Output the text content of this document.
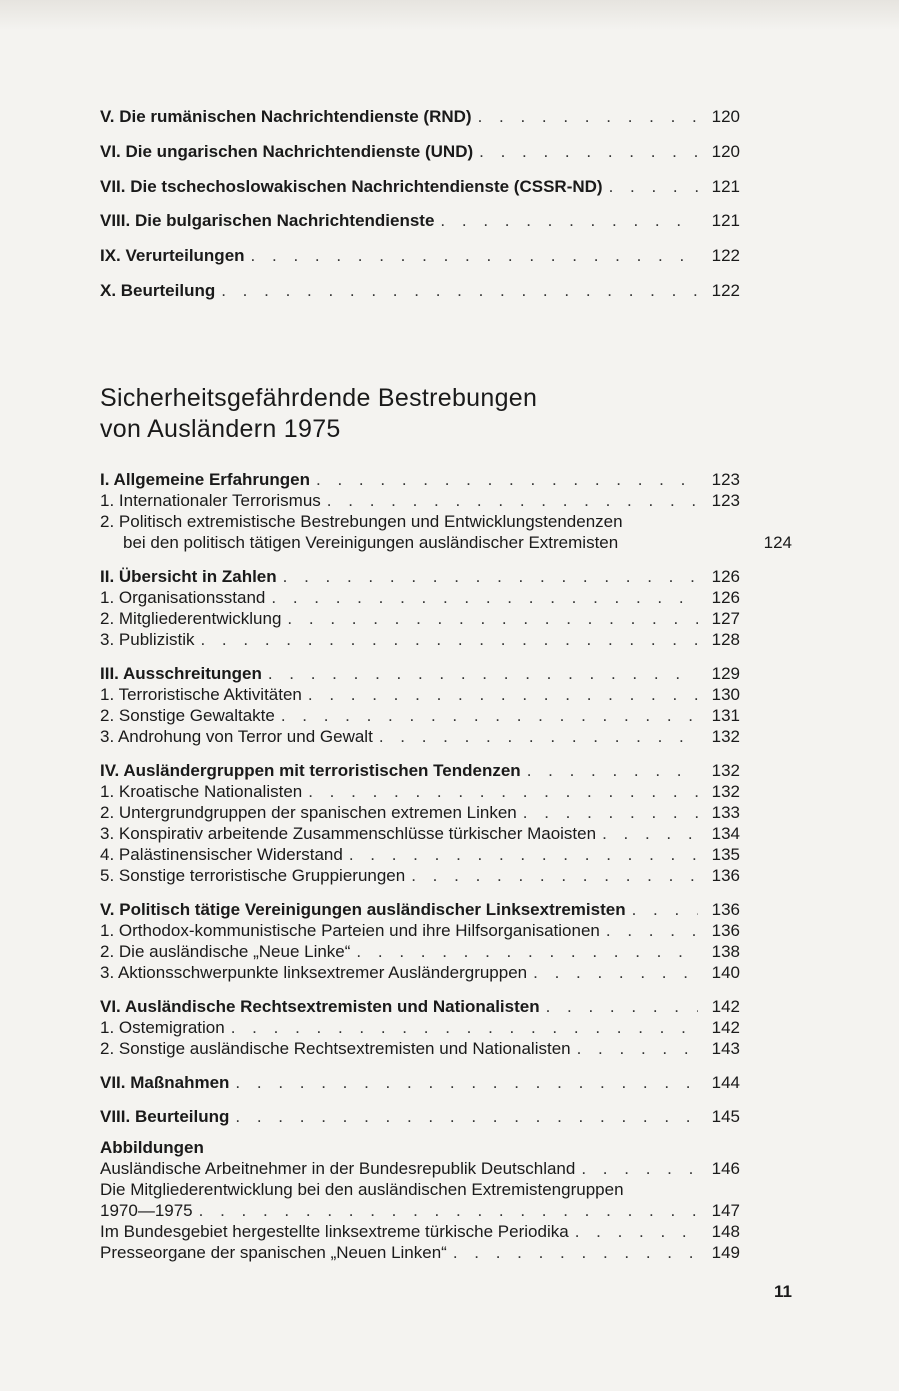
V. Die rumänischen Nachrichtendienste (RND) . . .	120
VI. Die ungarischen Nachrichtendienste (UND) . . .	120
VII. Die tschechoslowakischen Nachrichtendienste (CSSR-ND) . . .	121
VIII. Die bulgarischen Nachrichtendienste . . .	121
IX. Verurteilungen . . .	122
X. Beurteilung . . .	122
Sicherheitsgefährdende Bestrebungen
von Ausländern 1975
I. Allgemeine Erfahrungen . . .	123
1. Internationaler Terrorismus . . .	123
2. Politisch extremistische Bestrebungen und Entwicklungstendenzen
bei den politisch tätigen Vereinigungen ausländischer Extremisten	124
II. Übersicht in Zahlen . . .	126
1. Organisationsstand . . .	126
2. Mitgliederentwicklung . . .	127
3. Publizistik . . .	128
III. Ausschreitungen . . .	129
1. Terroristische Aktivitäten . . .	130
2. Sonstige Gewaltakte . . .	131
3. Androhung von Terror und Gewalt . . .	132
IV. Ausländergruppen mit terroristischen Tendenzen . . .	132
1. Kroatische Nationalisten . . .	132
2. Untergrundgruppen der spanischen extremen Linken . . .	133
3. Konspirativ arbeitende Zusammenschlüsse türkischer Maoisten . . .	134
4. Palästinensischer Widerstand . . .	135
5. Sonstige terroristische Gruppierungen . . .	136
V. Politisch tätige Vereinigungen ausländischer Linksextremisten . . .	136
1. Orthodox-kommunistische Parteien und ihre Hilfsorganisationen . . .	136
2. Die ausländische „Neue Linke“ . . .	138
3. Aktionsschwerpunkte linksextremer Ausländergruppen . . .	140
VI. Ausländische Rechtsextremisten und Nationalisten . . .	142
1. Ostemigration . . .	142
2. Sonstige ausländische Rechtsextremisten und Nationalisten . . .	143
VII. Maßnahmen . . .	144
VIII. Beurteilung . . .	145
Abbildungen
Ausländische Arbeitnehmer in der Bundesrepublik Deutschland . . .	146
Die Mitgliederentwicklung bei den ausländischen Extremistengruppen
1970—1975 . . .	147
Im Bundesgebiet hergestellte linksextreme türkische Periodika . . .	148
Presseorgane der spanischen „Neuen Linken“ . . .	149
11
